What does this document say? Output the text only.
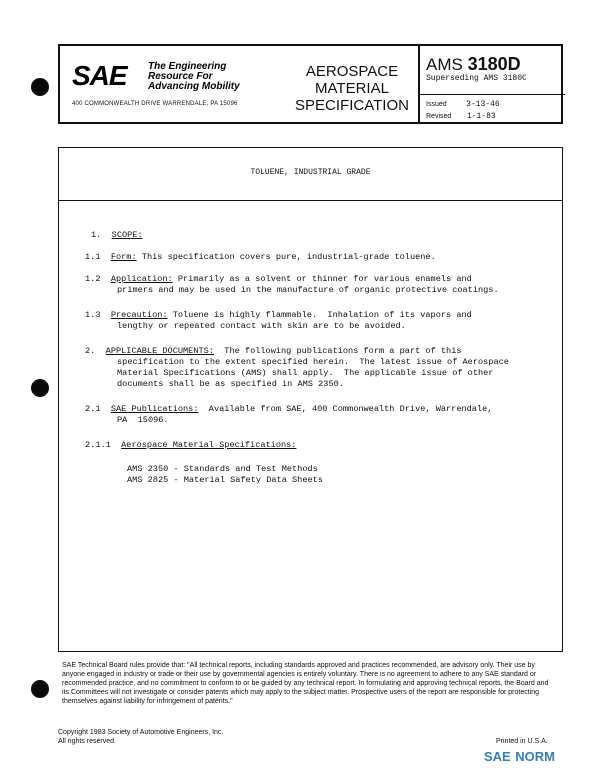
SAE The Engineering
Resource For
Advancing Mobility
400 COMMONWEALTH DRIVE WARRENDALE, PA 15096
AEROSPACE
MATERIAL
SPECIFICATION
AMS 3180D
Superseding AMS 3180C
Issued 3-13-46
Revised 1-1-83
TOLUENE, INDUSTRIAL GRADE
1. SCOPE:
1.1 Form: This specification covers pure, industrial-grade toluene.
1.2 Application: Primarily as a solvent or thinner for various enamels and
primers and may be used in the manufacture of organic protective coatings.
1.3 Precaution: Toluene is highly flammable.  Inhalation of its vapors and
lengthy or repeated contact with skin are to be avoided.
2. APPLICABLE DOCUMENTS:  The following publications form a part of this
specification to the extent specified herein.  The latest issue of Aerospace
Material Specifications (AMS) shall apply.  The applicable issue of other
documents shall be as specified in AMS 2350.
2.1 SAE Publications:  Available from SAE, 400 Commonwealth Drive, Warrendale,
PA  15096.
2.1.1 Aerospace Material Specifications:
AMS 2350 - Standards and Test Methods
AMS 2825 - Material Safety Data Sheets
SAE Technical Board rules provide that: "All technical reports, including standards approved and practices recommended, are advisory only. Their use by anyone engaged in industry or trade or their use by governmental agencies is entirely voluntary. There is no agreement to adhere to any SAE standard or recommended practice, and no commitment to conform to or be guided by any technical report. In formulating and approving technical reports, the Board and its Committees will not investigate or consider patents which may apply to the subject matter. Prospective users of the report are responsible for protecting themselves against liability for infringement of patents."
Copyright 1983 Society of Automotive Engineers, Inc.
All rights reserved.	Printed in U.S.A.
SAE NORM
